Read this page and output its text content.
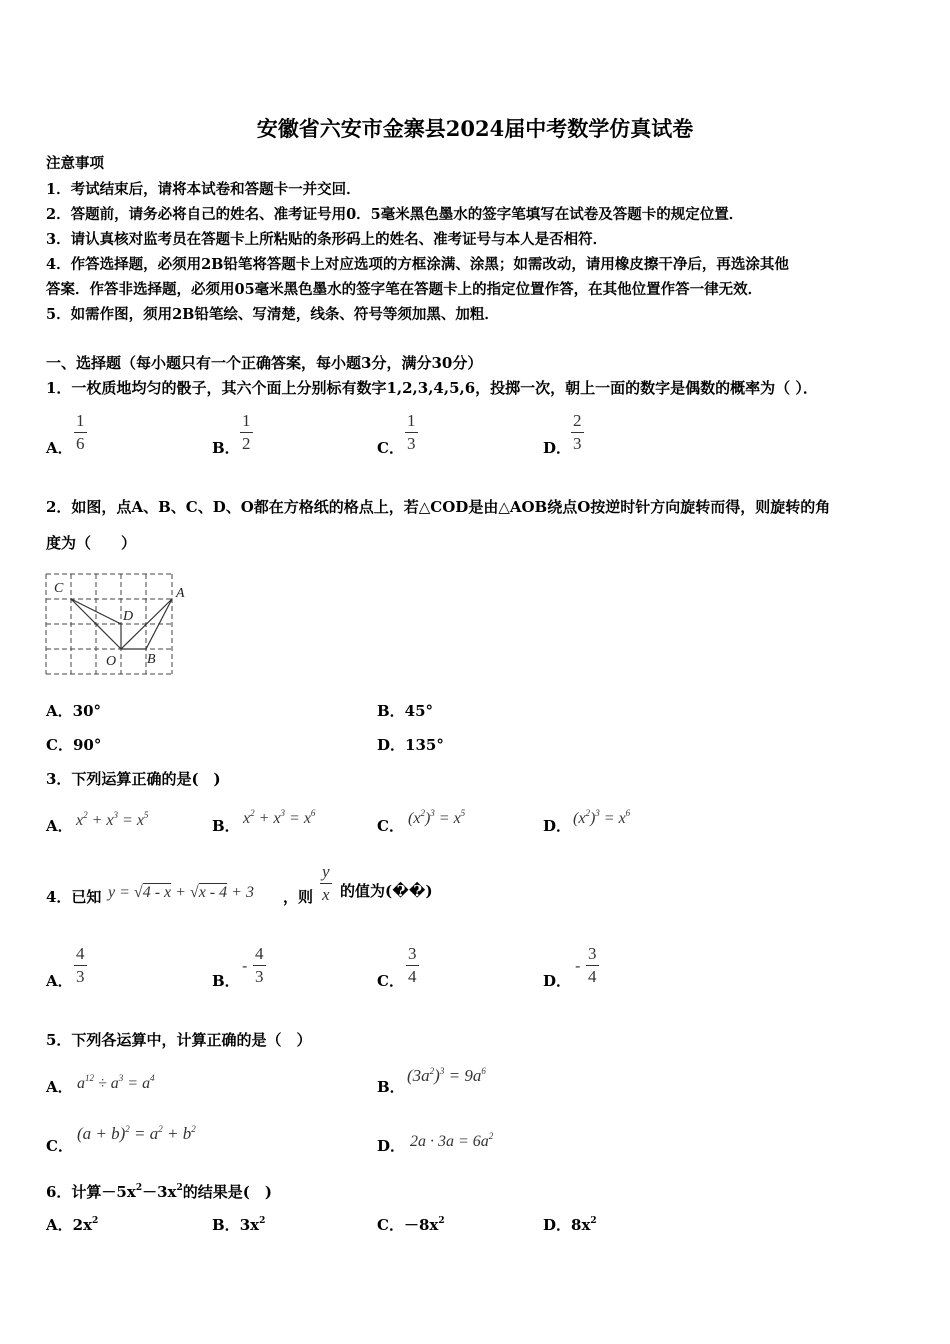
安徽省六安市金寨县2024届中考数学仿真试卷
注意事项
1．考试结束后，请将本试卷和答题卡一并交回．
2．答题前，请务必将自己的姓名、准考证号用0．5毫米黑色墨水的签字笔填写在试卷及答题卡的规定位置．
3．请认真核对监考员在答题卡上所粘贴的条形码上的姓名、准考证号与本人是否相符．
4．作答选择题，必须用2B铅笔将答题卡上对应选项的方框涂满、涂黑；如需改动，请用橡皮擦干净后，再选涂其他
答案．作答非选择题，必须用05毫米黑色墨水的签字笔在答题卡上的指定位置作答，在其他位置作答一律无效．
5．如需作图，须用2B铅笔绘、写清楚，线条、符号等须加黑、加粗．
一、选择题（每小题只有一个正确答案，每小题3分，满分30分）
1．一枚质地均匀的骰子，其六个面上分别标有数字1,2,3,4,5,6，投掷一次，朝上一面的数字是偶数的概率为（ ）．
A．
1
6	B．
1
2	C．
1
3	D．
2
3
2．如图，点A、B、C、D、O都在方格纸的格点上，若△COD是由△AOB绕点O按逆时针方向旋转而得，则旋转的角
度为（　　）
C	A
D
O B
A．30°	B．45°
C．90°	D．135°
3．下列运算正确的是(　)
A． $x^2 + x^3 = x^5$
B． $x^2 + x^3 = x^6$
C． $(x^2)^3 = x^5$
D． $(x^2)^3 = x^6$
4．已知 y = √4 - x + √x - 4 + 3 ，则
y
x 的值为(��)
A．
4
3	B．
-
4
3	C．
3
4	D．
-
3
4
5．下列各运算中，计算正确的是（　）
A． $a^{12} \div a^3 = a^4$	B．
$(3a^2)^3 = 9a^6$
C．
$(a + b)^2 = a^2 + b^2$
D． $2a \cdot 3a = 6a^2$
6．计算$-5x^2-3x^2$的结果是(　)
A．$2x^2$	B．$3x^2$	C．$-8x^2$	D．$8x^2$
